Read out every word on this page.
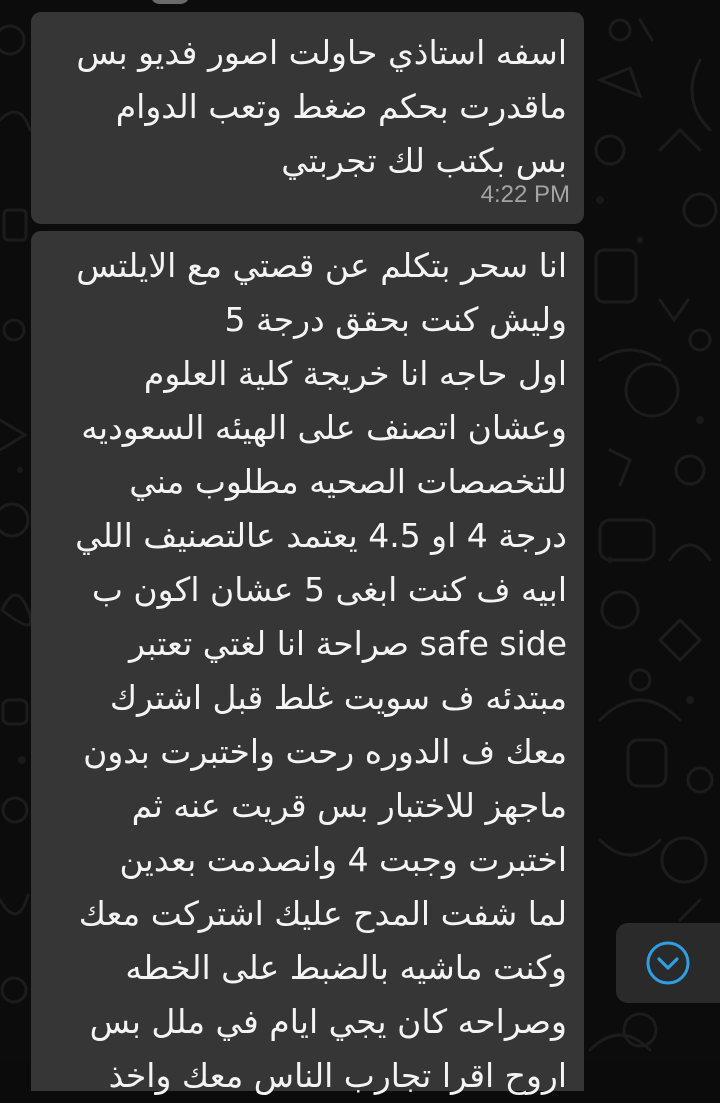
اسفه استاذي حاولت اصور فديو بس
ماقدرت بحكم ضغط وتعب الدوام
بس بكتب لك تجربتي
4:22 PM
انا سحر بتكلم عن قصتي مع الايلتس
وليش كنت بحقق درجة 5
اول حاجه انا خريجة كلية العلوم
وعشان اتصنف على الهيئه السعوديه
للتخصصات الصحيه مطلوب مني
درجة 4 او 4.5 يعتمد عالتصنيف اللي
ابيه ف كنت ابغى 5 عشان اكون ب
safe side صراحة انا لغتي تعتبر
مبتدئه ف سويت غلط قبل اشترك
معك ف الدوره رحت واختبرت بدون
ماجهز للاختبار بس قريت عنه ثم
اختبرت وجبت 4 وانصدمت بعدين
لما شفت المدح عليك اشتركت معك
وكنت ماشيه بالضبط على الخطه
وصراحه كان يجي ايام في ملل بس
اروح اقرا تجارب الناس معك واخذ
